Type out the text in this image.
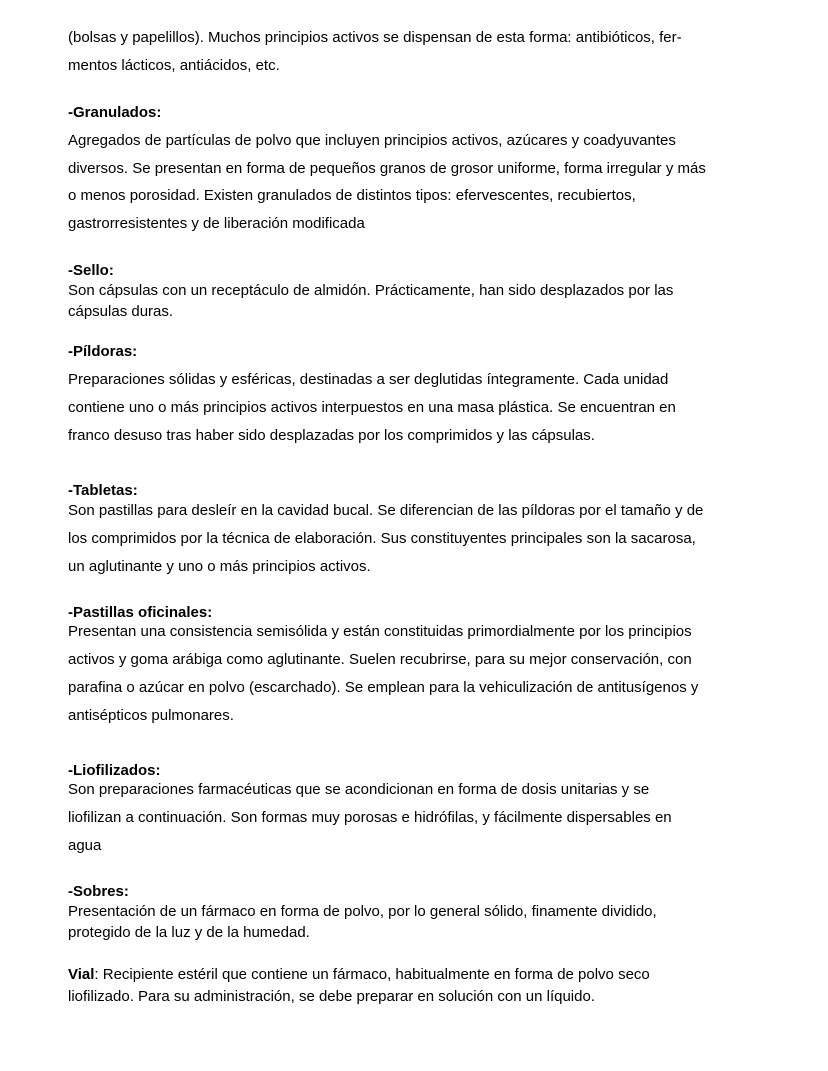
(bolsas y papelillos). Muchos principios activos se dispensan de esta forma: antibióticos, fer-
mentos lácticos, antiácidos, etc.
-Granulados:
Agregados de partículas de polvo que incluyen principios activos, azúcares y coadyuvantes
diversos. Se presentan en forma de pequeños granos de grosor uniforme, forma irregular y más
o menos porosidad. Existen granulados de distintos tipos: efervescentes, recubiertos,
gastrorresistentes y de liberación modificada
-Sello:
Son cápsulas con un receptáculo de almidón. Prácticamente, han sido desplazados por las
cápsulas duras.
-Píldoras:
Preparaciones sólidas y esféricas, destinadas a ser deglutidas íntegramente. Cada unidad
contiene uno o más principios activos interpuestos en una masa plástica. Se encuentran en
franco desuso tras haber sido desplazadas por los comprimidos y las cápsulas.
-Tabletas:
Son pastillas para desleír en la cavidad bucal. Se diferencian de las píldoras por el tamaño y de
los comprimidos por la técnica de elaboración. Sus constituyentes principales son la sacarosa,
un aglutinante y uno o más principios activos.
-Pastillas oficinales:
Presentan una consistencia semisólida y están constituidas primordialmente por los principios
activos y goma arábiga como aglutinante. Suelen recubrirse, para su mejor conservación, con
parafina o azúcar en polvo (escarchado). Se emplean para la vehiculización de antitusígenos y
antisépticos pulmonares.
-Liofilizados:
Son preparaciones farmacéuticas que se acondicionan en forma de dosis unitarias y se
liofilizan a continuación. Son formas muy porosas e hidrófilas, y fácilmente dispersables en
agua
-Sobres:
Presentación de un fármaco en forma de polvo, por lo general sólido, finamente dividido,
protegido de la luz y de la humedad.
Vial: Recipiente estéril que contiene un fármaco, habitualmente en forma de polvo seco
liofilizado. Para su administración, se debe preparar en solución con un líquido.
